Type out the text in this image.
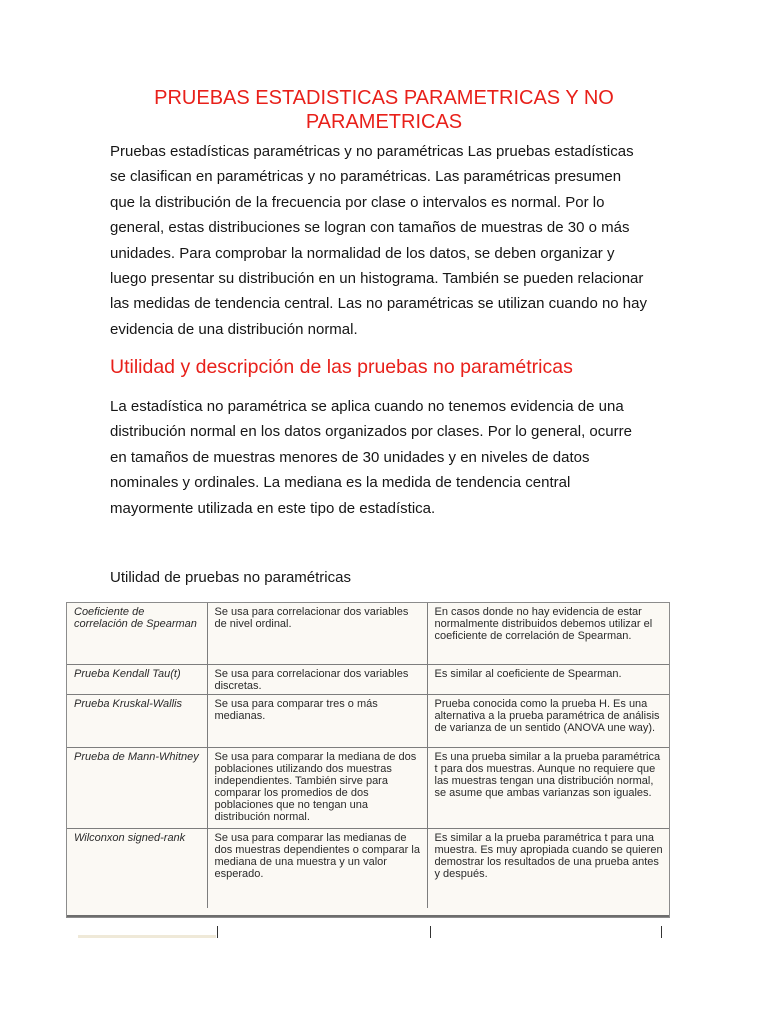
PRUEBAS ESTADISTICAS PARAMETRICAS Y NO PARAMETRICAS
Pruebas estadísticas paramétricas y no paramétricas Las pruebas estadísticas se clasifican en paramétricas y no paramétricas. Las paramétricas presumen que la distribución de la frecuencia por clase o intervalos es normal. Por lo general, estas distribuciones se logran con tamaños de muestras de 30 o más unidades. Para comprobar la normalidad de los datos, se deben organizar y luego presentar su distribución en un histograma. También se pueden relacionar las medidas de tendencia central. Las no paramétricas se utilizan cuando no hay evidencia de una distribución normal.
Utilidad y descripción de las pruebas no paramétricas
La estadística no paramétrica se aplica cuando no tenemos evidencia de una distribución normal en los datos organizados por clases. Por lo general, ocurre en tamaños de muestras menores de 30 unidades y en niveles de datos nominales y ordinales. La mediana es la medida de tendencia central mayormente utilizada en este tipo de estadística.
Utilidad de pruebas no paramétricas
Coeficiente de correlación de Spearman	Se usa para correlacionar dos variables de nivel ordinal.	En casos donde no hay evidencia de estar normalmente distribuidos debemos utilizar el coeficiente de correlación de Spearman.
Prueba Kendall Tau(t)	Se usa para correlacionar dos variables discretas.	Es similar al coeficiente de Spearman.
Prueba Kruskal-Wallis	Se usa para comparar tres o más medianas.	Prueba conocida como la prueba H. Es una alternativa a la prueba paramétrica de análisis de varianza de un sentido (ANOVA une way).
Prueba de Mann-Whitney	Se usa para comparar la mediana de dos poblaciones utilizando dos muestras independientes. También sirve para comparar los promedios de dos poblaciones que no tengan una distribución normal.	Es una prueba similar a la prueba paramétrica t para dos muestras. Aunque no requiere que las muestras tengan una distribución normal, se asume que ambas varianzas son iguales.
Wilconxon signed-rank	Se usa para comparar las medianas de dos muestras dependientes o comparar la mediana de una muestra y un valor esperado.	Es similar a la prueba paramétrica t para una muestra. Es muy apropiada cuando se quieren demostrar los resultados de una prueba antes y después.
